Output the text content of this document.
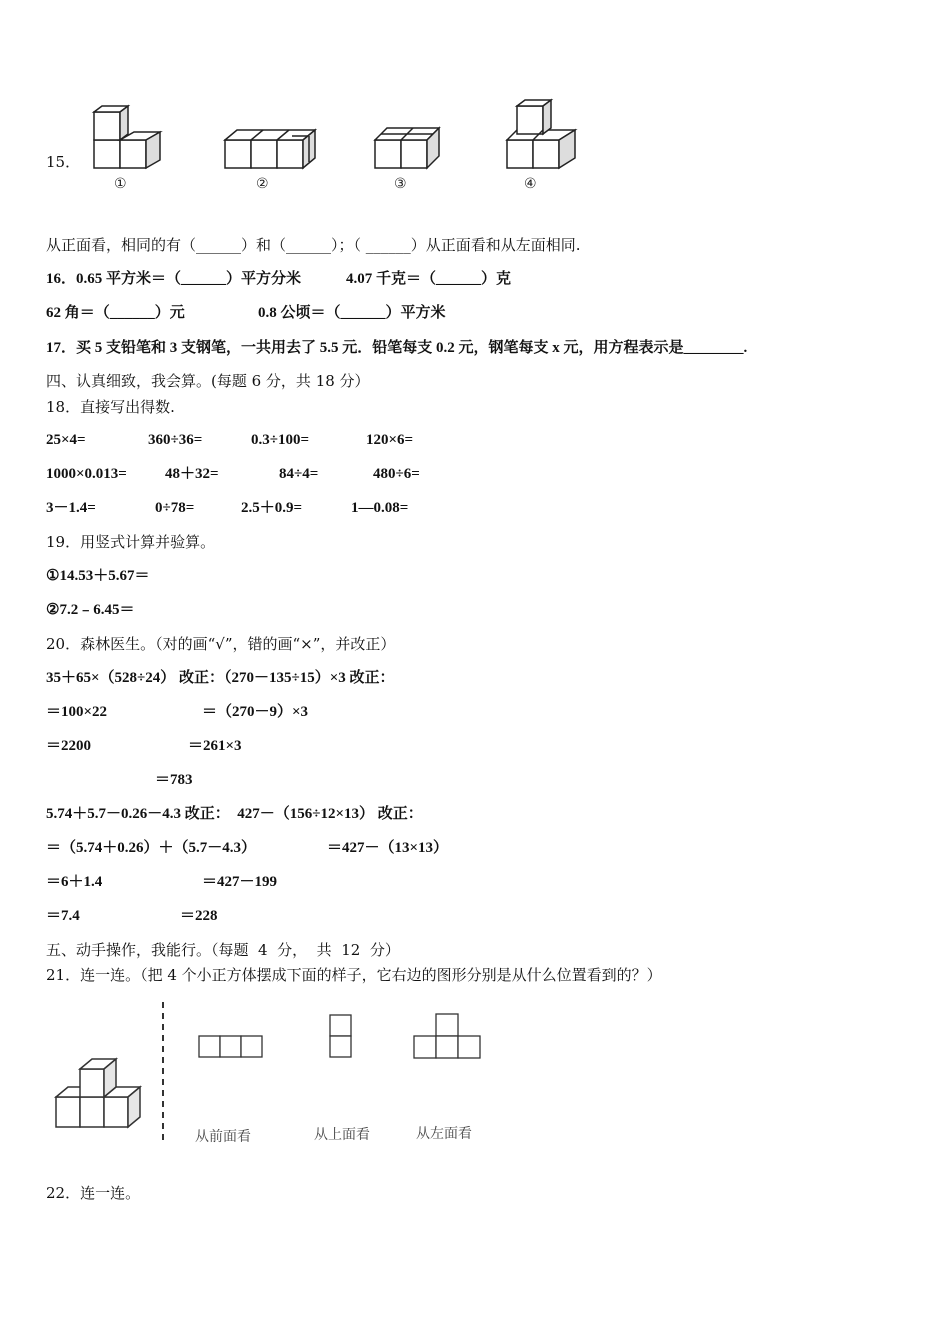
15．
①	②	③	④
从正面看，相同的有（______）和（______）；（ ______）从正面看和从左面相同.
16．0.65 平方米＝（______）平方分米	4.07 千克＝（______）克
62 角＝（______）元	0.8 公顷＝（______）平方米
17．买 5 支铅笔和 3 支钢笔，一共用去了 5.5 元．铅笔每支 0.2 元，钢笔每支 x 元，用方程表示是________.
四、认真细致，我会算。(每题 6 分，共 18 分）
18．直接写出得数.
25×4=	360÷36=	0.3÷100=	120×6=
1000×0.013=	48＋32=	84÷4=	480÷6=
3－1.4=	0÷78=	2.5＋0.9=	1—0.08=
19．用竖式计算并验算。
①14.53＋5.67＝
②7.2﹣6.45＝
20．森林医生。（对的画“√”，错的画“×”，并改正）
35＋65×（528÷24） 改正：（270－135÷15）×3 改正：
＝100×22	＝（270－9）×3
＝2200	＝261×3
＝783
5.74＋5.7－0.26－4.3 改正：  427－（156÷12×13） 改正：
＝（5.74＋0.26）＋（5.7－4.3）	＝427－（13×13）
＝6＋1.4	＝427－199
＝7.4	＝228
五、动手操作，我能行。（每题  4  分，  共  12  分）
21．连一连。（把 4 个小正方体摆成下面的样子，它右边的图形分别是从什么位置看到的？）
从前面看	从上面看	从左面看
22．连一连。
